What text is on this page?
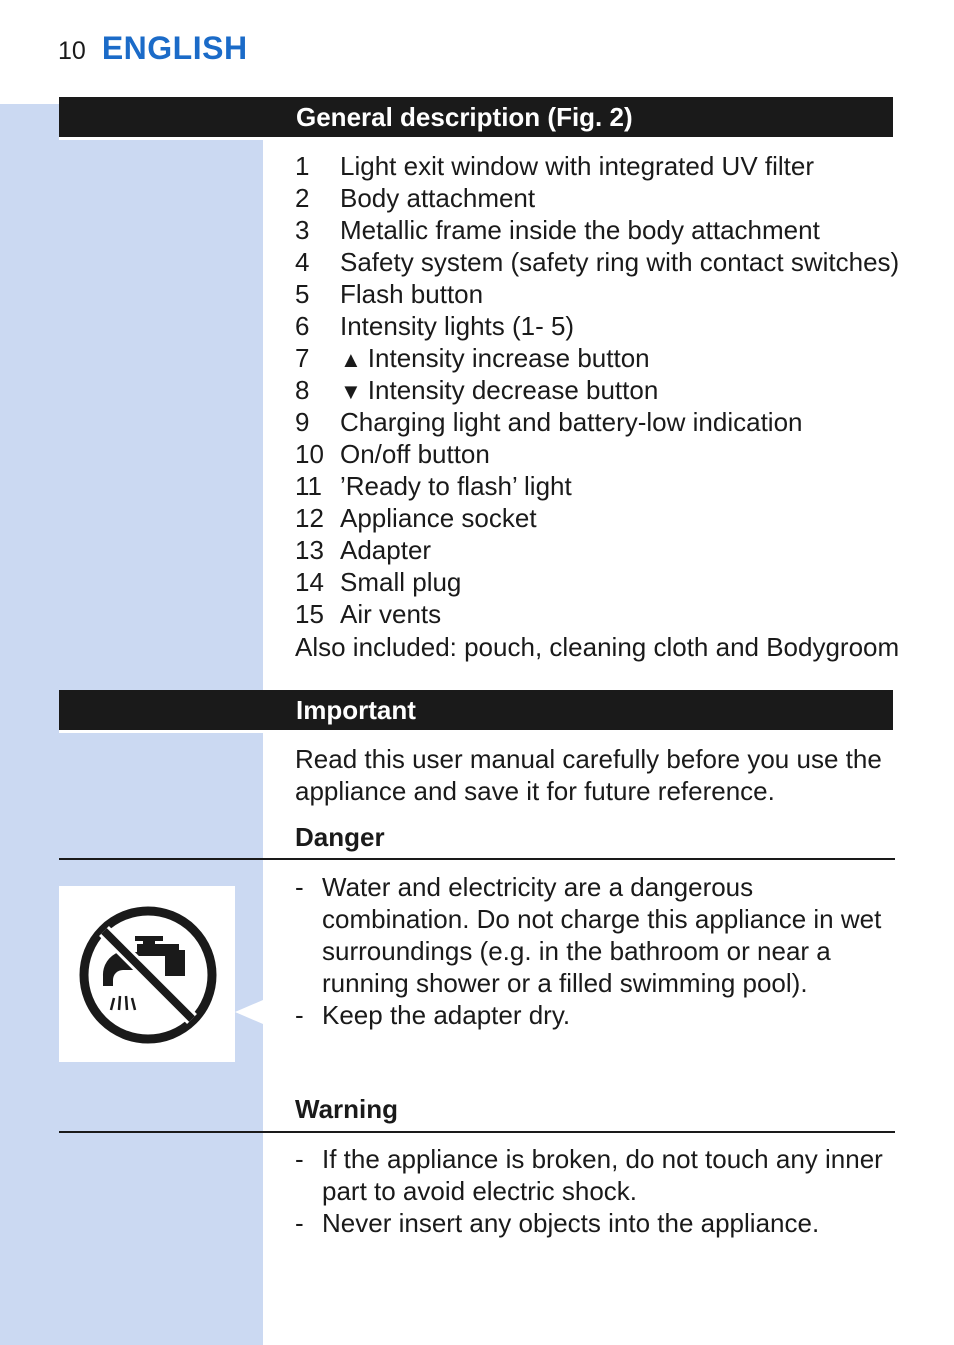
10 ENGLISH
General description (Fig. 2)
1 Light exit window with integrated UV filter
2 Body attachment
3 Metallic frame inside the body attachment
4 Safety system (safety ring with contact switches)
5 Flash button
6 Intensity lights (1- 5)
7 ▲ Intensity increase button
8 ▼ Intensity decrease button
9 Charging light and battery-low indication
10 On/off button
11 ’Ready to flash’ light
12 Appliance socket
13 Adapter
14 Small plug
15 Air vents
Also included: pouch, cleaning cloth and Bodygroom
Important
Read this user manual carefully before you use the appliance and save it for future reference.
Danger
- Water and electricity are a dangerous combination. Do not charge this appliance in wet surroundings (e.g. in the bathroom or near a running shower or a filled swimming pool).
- Keep the adapter dry.
Warning
- If the appliance is broken, do not touch any inner part to avoid electric shock.
- Never insert any objects into the appliance.
